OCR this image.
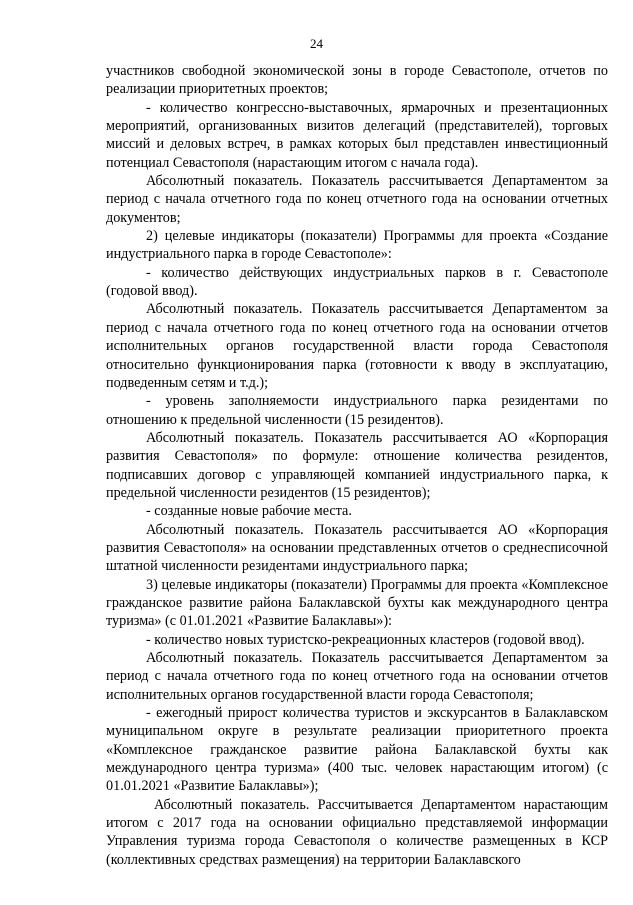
24

участников свободной экономической зоны в городе Севастополе, отчетов по реализации приоритетных проектов;

- количество конгрессно-выставочных, ярмарочных и презентационных мероприятий, организованных визитов делегаций (представителей), торговых миссий и деловых встреч, в рамках которых был представлен инвестиционный потенциал Севастополя (нарастающим итогом с начала года).

Абсолютный показатель. Показатель рассчитывается Департаментом за период с начала отчетного года по конец отчетного года на основании отчетных документов;

2) целевые индикаторы (показатели) Программы для проекта «Создание индустриального парка в городе Севастополе»:

- количество действующих индустриальных парков в г. Севастополе (годовой ввод).

Абсолютный показатель. Показатель рассчитывается Департаментом за период с начала отчетного года по конец отчетного года на основании отчетов исполнительных органов государственной власти города Севастополя относительно функционирования парка (готовности к вводу в эксплуатацию, подведенным сетям и т.д.);

- уровень заполняемости индустриального парка резидентами по отношению к предельной численности (15 резидентов).

Абсолютный показатель. Показатель рассчитывается АО «Корпорация развития Севастополя» по формуле: отношение количества резидентов, подписавших договор с управляющей компанией индустриального парка, к предельной численности резидентов (15 резидентов);

- созданные новые рабочие места.

Абсолютный показатель. Показатель рассчитывается АО «Корпорация развития Севастополя» на основании представленных отчетов о среднесписочной штатной численности резидентами индустриального парка;

3) целевые индикаторы (показатели) Программы для проекта «Комплексное гражданское развитие района Балаклавской бухты как международного центра туризма» (с 01.01.2021 «Развитие Балаклавы»):

- количество новых туристско-рекреационных кластеров (годовой ввод).

Абсолютный показатель. Показатель рассчитывается Департаментом за период с начала отчетного года по конец отчетного года на основании отчетов исполнительных органов государственной власти города Севастополя;

- ежегодный прирост количества туристов и экскурсантов в Балаклавском муниципальном округе в результате реализации приоритетного проекта «Комплексное гражданское развитие района Балаклавской бухты как международного центра туризма» (400 тыс. человек нарастающим итогом) (с 01.01.2021 «Развитие Балаклавы»);

Абсолютный показатель. Рассчитывается Департаментом нарастающим итогом с 2017 года на основании официально представляемой информации Управления туризма города Севастополя о количестве размещенных в КСР (коллективных средствах размещения) на территории Балаклавского
